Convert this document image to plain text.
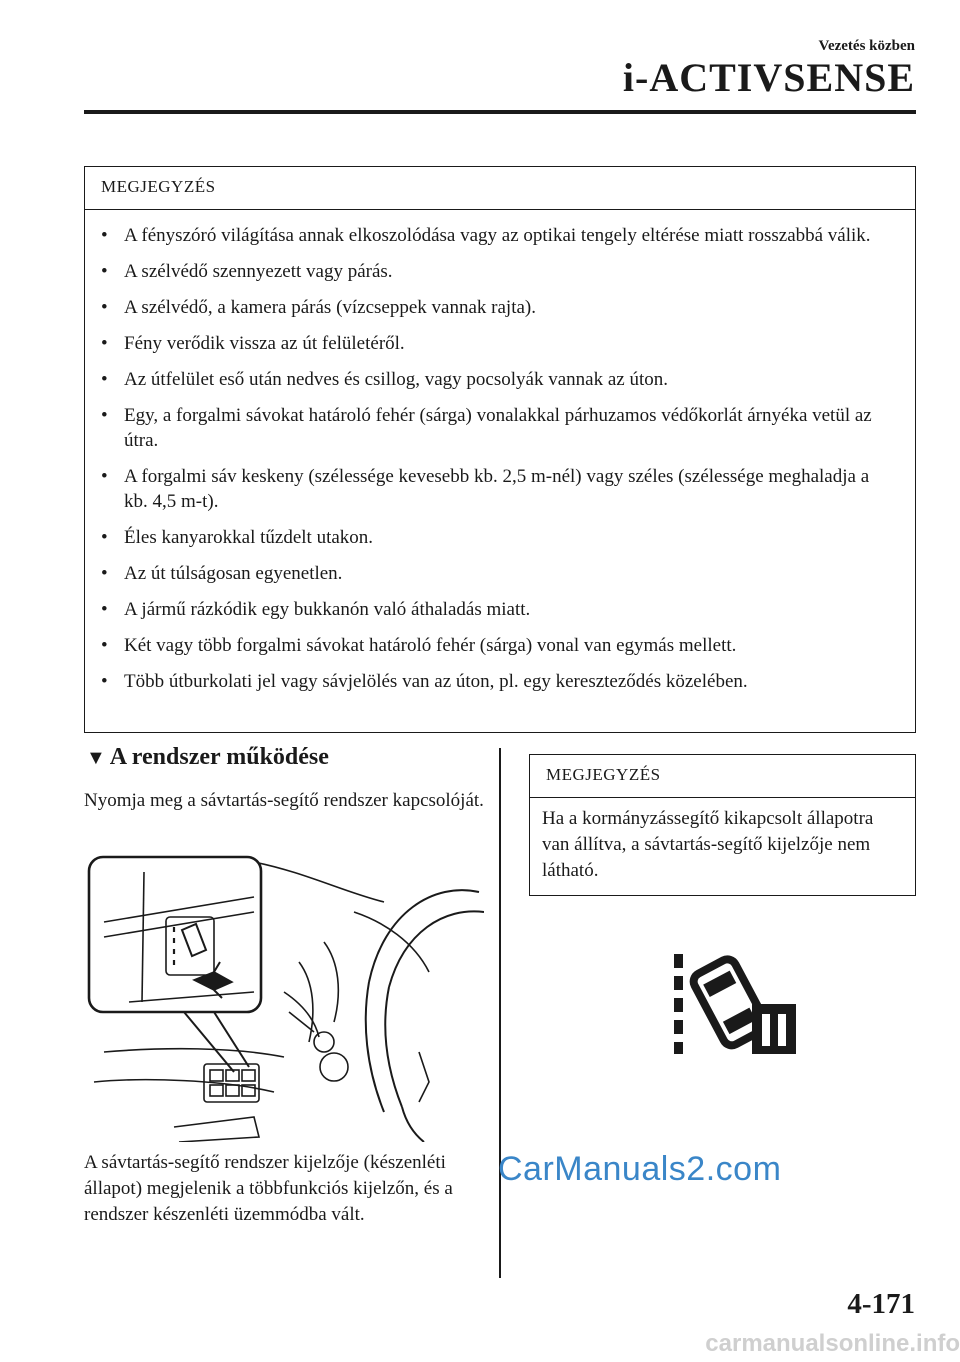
Vezetés közben
i-ACTIVSENSE
MEGJEGYZÉS
• A fényszóró világítása annak elkoszolódása vagy az optikai tengely eltérése miatt rosszabbá válik.
• A szélvédő szennyezett vagy párás.
• A szélvédő, a kamera párás (vízcseppek vannak rajta).
• Fény verődik vissza az út felületéről.
• Az útfelület eső után nedves és csillog, vagy pocsolyák vannak az úton.
• Egy, a forgalmi sávokat határoló fehér (sárga) vonalakkal párhuzamos védőkorlát árnyéka vetül az útra.
• A forgalmi sáv keskeny (szélessége kevesebb kb. 2,5 m-nél) vagy széles (szélessége meghaladja a kb. 4,5 m-t).
• Éles kanyarokkal tűzdelt utakon.
• Az út túlságosan egyenetlen.
• A jármű rázkódik egy bukkanón való áthaladás miatt.
• Két vagy több forgalmi sávokat határoló fehér (sárga) vonal van egymás mellett.
• Több útburkolati jel vagy sávjelölés van az úton, pl. egy kereszteződés közelében.
▼ A rendszer működése
Nyomja meg a sávtartás-segítő rendszer kapcsolóját.
A sávtartás-segítő rendszer kijelzője (készenléti állapot) megjelenik a többfunkciós kijelzőn, és a rendszer készenléti üzemmódba vált.
MEGJEGYZÉS
Ha a kormányzássegítő kikapcsolt állapotra van állítva, a sávtartás-segítő kijelzője nem látható.
CarManuals2.com
4-171
carmanualsonline.info
